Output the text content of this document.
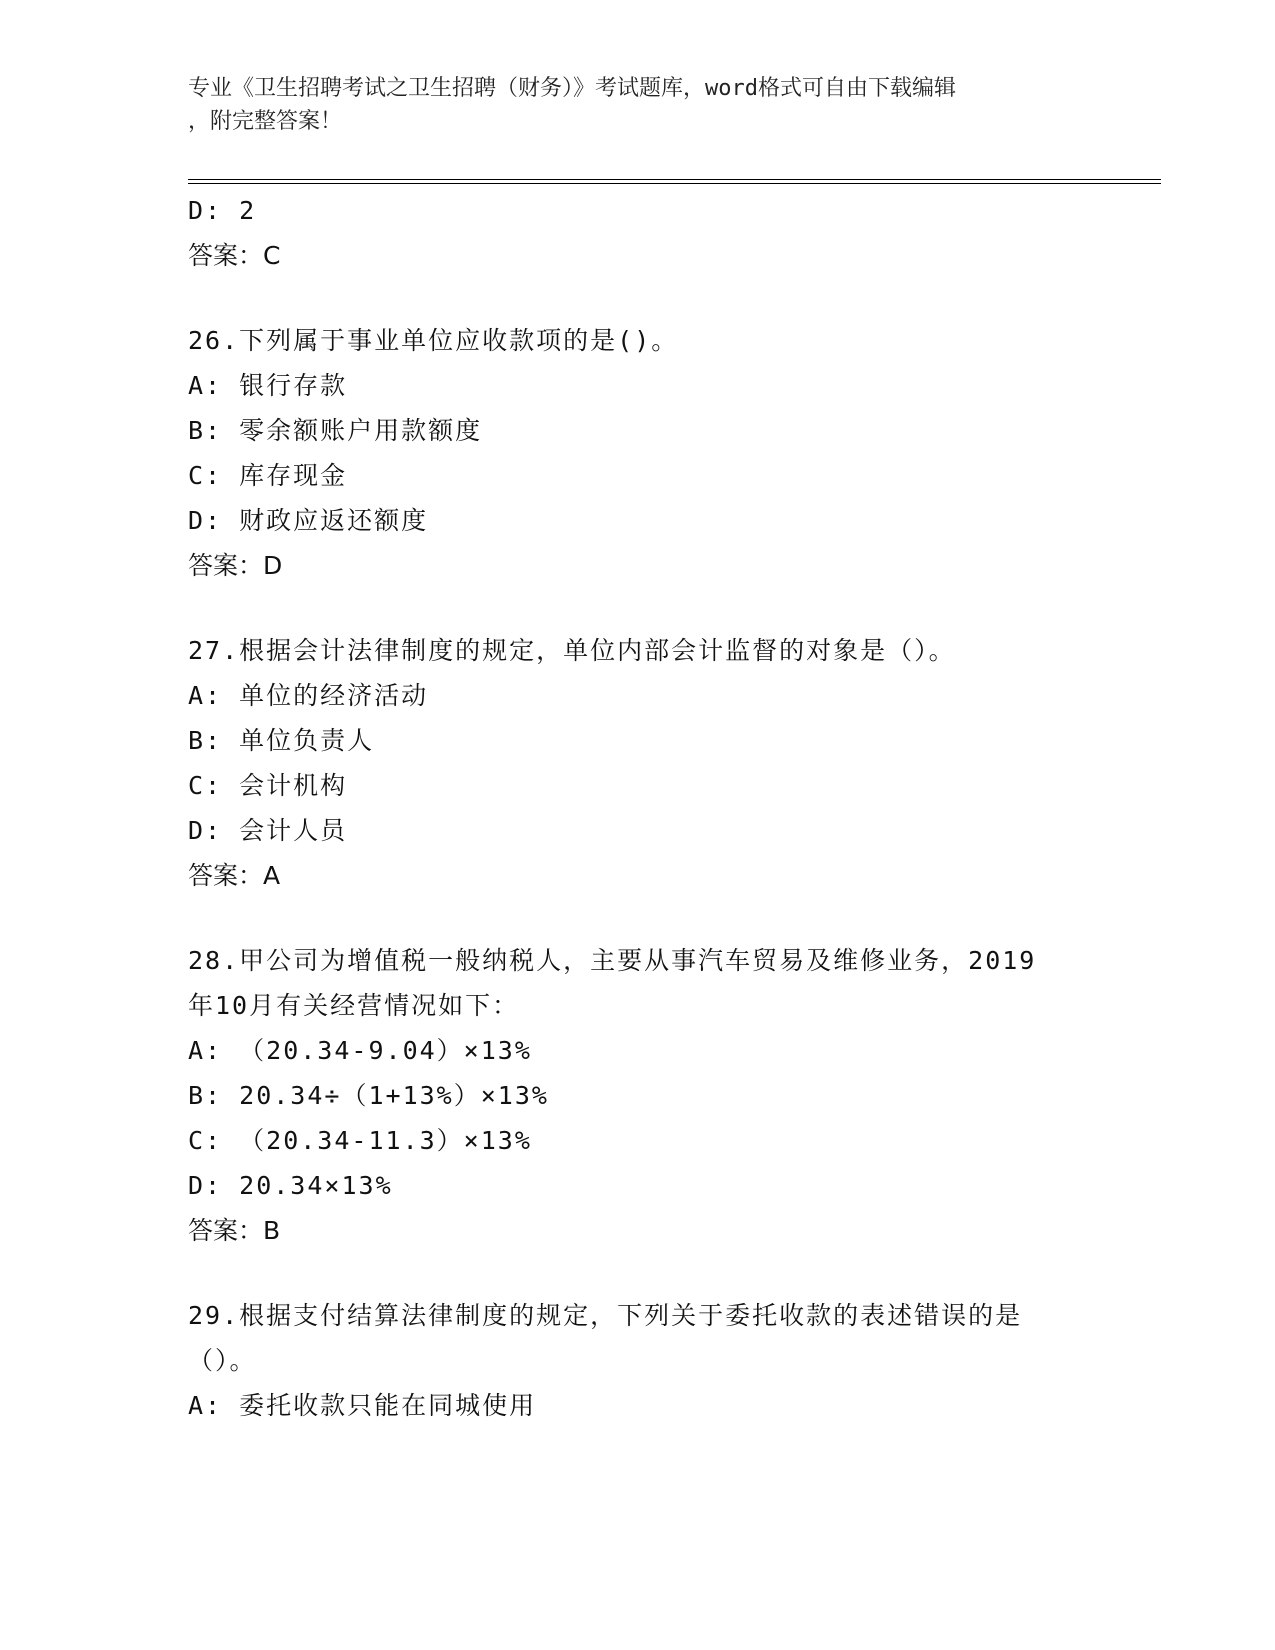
专业《卫生招聘考试之卫生招聘（财务）》考试题库，word格式可自由下载编辑

，附完整答案！

D: 2
答案：C
26.下列属于事业单位应收款项的是()。
A: 银行存款
B: 零余额账户用款额度
C: 库存现金
D: 财政应返还额度
答案：D
27.根据会计法律制度的规定，单位内部会计监督的对象是（）。
A: 单位的经济活动
B: 单位负责人
C: 会计机构
D: 会计人员
答案：A
28.甲公司为增值税一般纳税人，主要从事汽车贸易及维修业务，2019
年10月有关经营情况如下：
A: （20.34-9.04）×13%
B: 20.34÷（1+13%）×13%
C: （20.34-11.3）×13%
D: 20.34×13%
答案：B
29.根据支付结算法律制度的规定，下列关于委托收款的表述错误的是
（）。
A: 委托收款只能在同城使用
